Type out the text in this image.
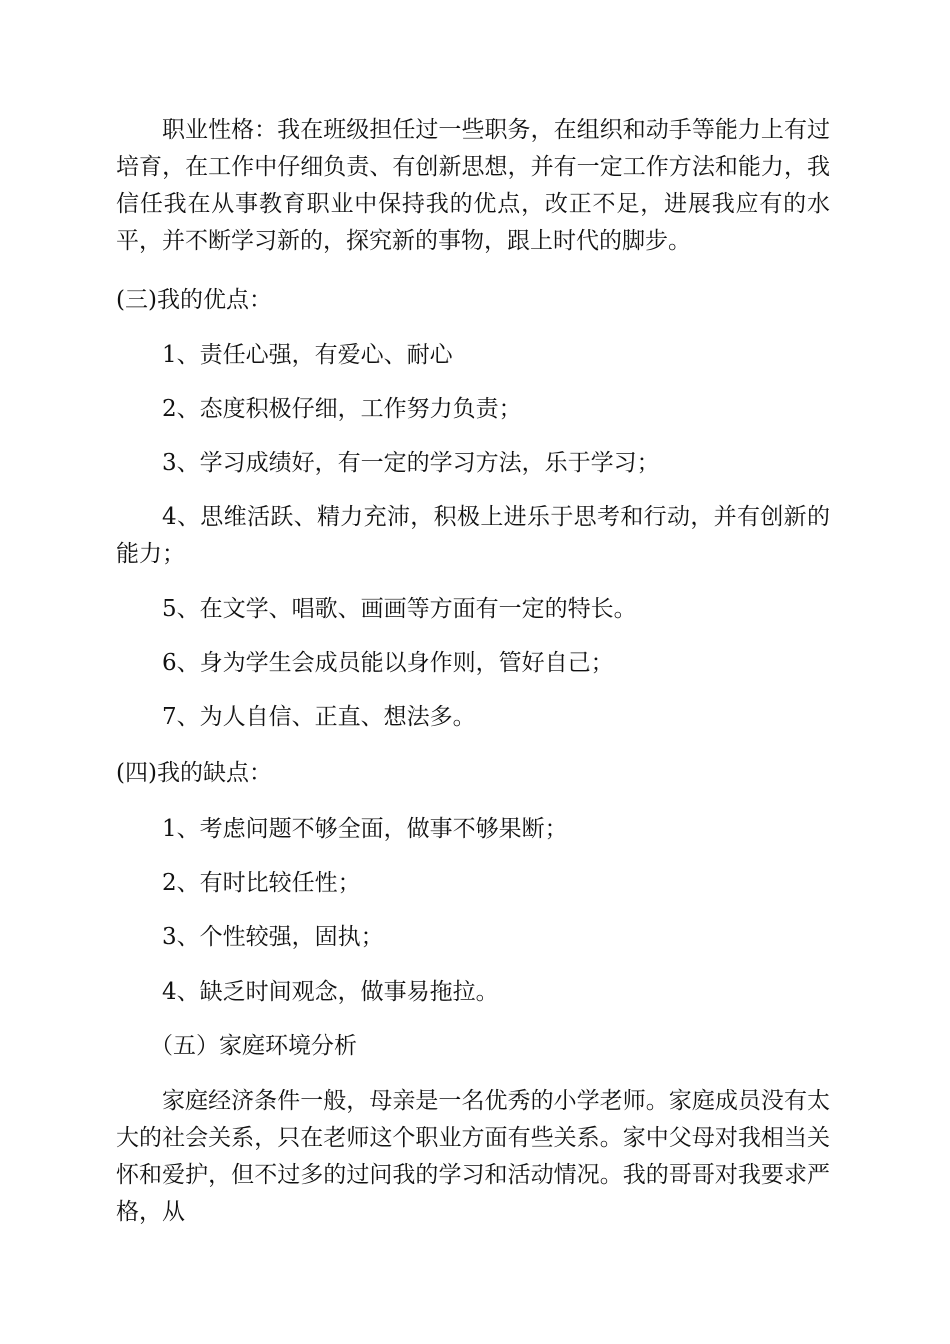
职业性格：我在班级担任过一些职务，在组织和动手等能力上有过培育，在工作中仔细负责、有创新思想，并有一定工作方法和能力，我信任我在从事教育职业中保持我的优点，改正不足，进展我应有的水平，并不断学习新的，探究新的事物，跟上时代的脚步。

(三)我的优点：

1、责任心强，有爱心、耐心

2、态度积极仔细，工作努力负责；

3、学习成绩好，有一定的学习方法，乐于学习；

4、思维活跃、精力充沛，积极上进乐于思考和行动，并有创新的能力；

5、在文学、唱歌、画画等方面有一定的特长。

6、身为学生会成员能以身作则，管好自己；

7、为人自信、正直、想法多。

(四)我的缺点：

1、考虑问题不够全面，做事不够果断；

2、有时比较任性；

3、个性较强，固执；

4、缺乏时间观念，做事易拖拉。

（五）家庭环境分析

家庭经济条件一般，母亲是一名优秀的小学老师。家庭成员没有太大的社会关系，只在老师这个职业方面有些关系。家中父母对我相当关怀和爱护，但不过多的过问我的学习和活动情况。我的哥哥对我要求严格，从
